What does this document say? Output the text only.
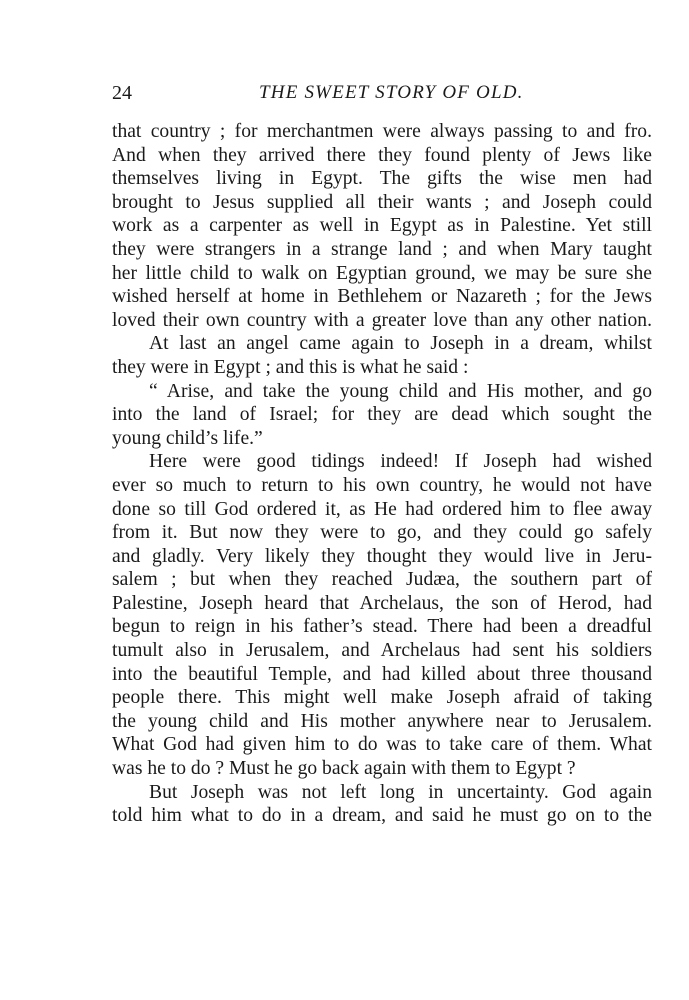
24	THE SWEET STORY OF OLD.
that country ; for merchantmen were always passing to and fro.
And when they arrived there they found plenty of Jews like
themselves living in Egypt. The gifts the wise men had
brought to Jesus supplied all their wants ; and Joseph could
work as a carpenter as well in Egypt as in Palestine. Yet still
they were strangers in a strange land ; and when Mary taught
her little child to walk on Egyptian ground, we may be sure she
wished herself at home in Bethlehem or Nazareth ; for the Jews
loved their own country with a greater love than any other nation.
At last an angel came again to Joseph in a dream, whilst
they were in Egypt ; and this is what he said :
“ Arise, and take the young child and His mother, and go
into the land of Israel; for they are dead which sought the
young child’s life.”
Here were good tidings indeed! If Joseph had wished
ever so much to return to his own country, he would not have
done so till God ordered it, as He had ordered him to flee away
from it. But now they were to go, and they could go safely
and gladly. Very likely they thought they would live in Jeru-
salem ; but when they reached Judæa, the southern part of
Palestine, Joseph heard that Archelaus, the son of Herod, had
begun to reign in his father’s stead. There had been a dreadful
tumult also in Jerusalem, and Archelaus had sent his soldiers
into the beautiful Temple, and had killed about three thousand
people there. This might well make Joseph afraid of taking
the young child and His mother anywhere near to Jerusalem.
What God had given him to do was to take care of them. What
was he to do ? Must he go back again with them to Egypt ?
But Joseph was not left long in uncertainty. God again
told him what to do in a dream, and said he must go on to the
